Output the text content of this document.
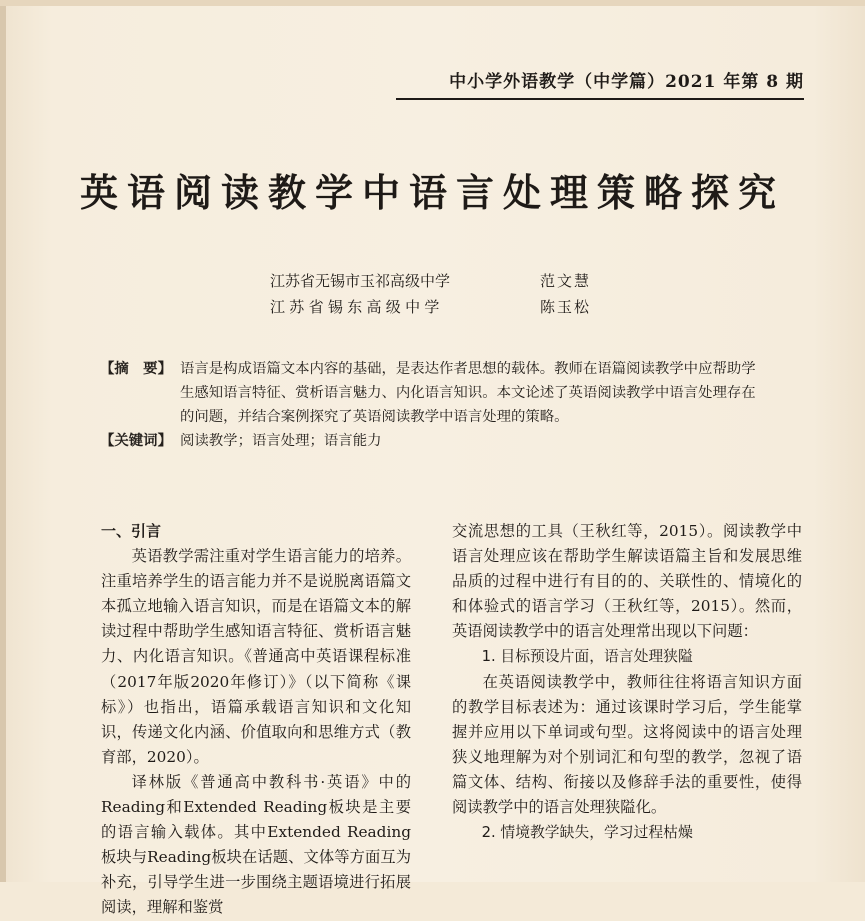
中小学外语教学（中学篇）2021 年第 8 期
英语阅读教学中语言处理策略探究
江苏省无锡市玉祁高级中学	范文慧
江苏省锡东高级中学	陈玉松
【摘　要】 语言是构成语篇文本内容的基础，是表达作者思想的载体。教师在语篇阅读教学中应帮助学生感知语言特征、赏析语言魅力、内化语言知识。本文论述了英语阅读教学中语言处理存在的问题，并结合案例探究了英语阅读教学中语言处理的策略。
【关键词】 阅读教学；语言处理；语言能力

一、引言

英语教学需注重对学生语言能力的培养。注重培养学生的语言能力并不是说脱离语篇文本孤立地输入语言知识，而是在语篇文本的解读过程中帮助学生感知语言特征、赏析语言魅力、内化语言知识。《普通高中英语课程标准（2017年版2020年修订）》（以下简称《课标》）也指出，语篇承载语言知识和文化知识，传递文化内涵、价值取向和思维方式（教育部，2020）。

译林版《普通高中教科书·英语》中的Reading和Extended Reading板块是主要的语言输入载体。其中Extended Reading板块与Reading板块在话题、文体等方面互为补充，引导学生进一步围绕主题语境进行拓展阅读，理解和鉴赏

交流思想的工具（王秋红等，2015）。阅读教学中语言处理应该在帮助学生解读语篇主旨和发展思维品质的过程中进行有目的的、关联性的、情境化的和体验式的语言学习（王秋红等，2015）。然而，英语阅读教学中的语言处理常出现以下问题：

1. 目标预设片面，语言处理狭隘

在英语阅读教学中，教师往往将语言知识方面的教学目标表述为：通过该课时学习后，学生能掌握并应用以下单词或句型。这将阅读中的语言处理狭义地理解为对个别词汇和句型的教学，忽视了语篇文体、结构、衔接以及修辞手法的重要性，使得阅读教学中的语言处理狭隘化。

2. 情境教学缺失，学习过程枯燥
